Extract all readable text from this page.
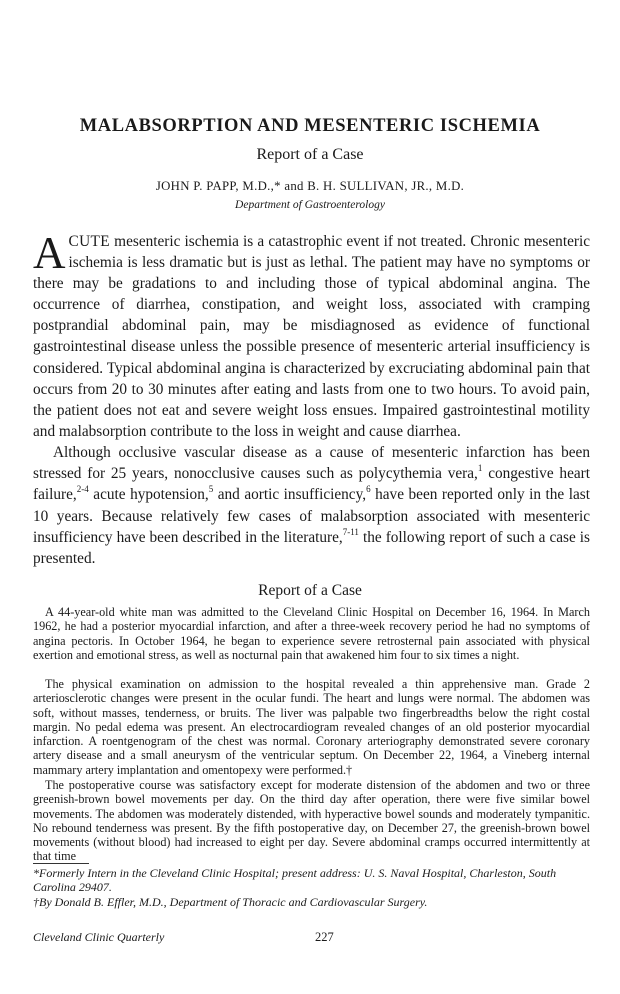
MALABSORPTION AND MESENTERIC ISCHEMIA
Report of a Case
JOHN P. PAPP, M.D.,* and B. H. SULLIVAN, JR., M.D.
Department of Gastroenterology

ACUTE mesenteric ischemia is a catastrophic event if not treated. Chronic mesenteric ischemia is less dramatic but is just as lethal. The patient may have no symptoms or there may be gradations to and including those of typical abdominal angina. The occurrence of diarrhea, constipation, and weight loss, associated with cramping postprandial abdominal pain, may be misdiagnosed as evidence of functional gastrointestinal disease unless the possible presence of mesenteric arterial insufficiency is considered. Typical abdominal angina is characterized by excruciating abdominal pain that occurs from 20 to 30 minutes after eating and lasts from one to two hours. To avoid pain, the patient does not eat and severe weight loss ensues. Impaired gastrointestinal motility and malabsorption contribute to the loss in weight and cause diarrhea.

Although occlusive vascular disease as a cause of mesenteric infarction has been stressed for 25 years, nonocclusive causes such as polycythemia vera,$^1$ congestive heart failure,$^{2-4}$ acute hypotension,$^5$ and aortic insufficiency,$^6$ have been reported only in the last 10 years. Because relatively few cases of malabsorption associated with mesenteric insufficiency have been described in the literature,$^{7-11}$ the following report of such a case is presented.

Report of a Case

A 44-year-old white man was admitted to the Cleveland Clinic Hospital on December 16, 1964. In March 1962, he had a posterior myocardial infarction, and after a three-week recovery period he had no symptoms of angina pectoris. In October 1964, he began to experience severe retrosternal pain associated with physical exertion and emotional stress, as well as nocturnal pain that awakened him four to six times a night.

The physical examination on admission to the hospital revealed a thin apprehensive man. Grade 2 arteriosclerotic changes were present in the ocular fundi. The heart and lungs were normal. The abdomen was soft, without masses, tenderness, or bruits. The liver was palpable two fingerbreadths below the right costal margin. No pedal edema was present. An electrocardiogram revealed changes of an old posterior myocardial infarction. A roentgenogram of the chest was normal. Coronary arteriography demonstrated severe coronary artery disease and a small aneurysm of the ventricular septum. On December 22, 1964, a Vineberg internal mammary artery implantation and omentopexy were performed.†

The postoperative course was satisfactory except for moderate distension of the abdomen and two or three greenish-brown bowel movements per day. On the third day after operation, there were five similar bowel movements. The abdomen was moderately distended, with hyperactive bowel sounds and moderately tympanitic. No rebound tenderness was present. By the fifth postoperative day, on December 27, the greenish-brown bowel movements (without blood) had increased to eight per day. Severe abdominal cramps occurred intermittently at that time

*Formerly Intern in the Cleveland Clinic Hospital; present address: U. S. Naval Hospital, Charleston, South Carolina 29407.

†By Donald B. Effler, M.D., Department of Thoracic and Cardiovascular Surgery.

Cleveland Clinic Quarterly	227
